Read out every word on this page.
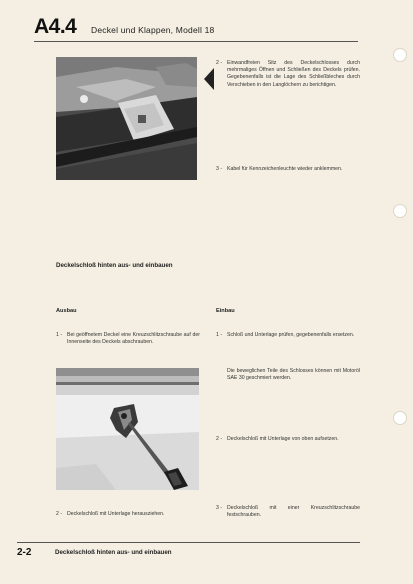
A4.4 Deckel und Klappen, Modell 18
2 - Einwandfreien Sitz des Deckelschlosses durch mehrmaliges Öffnen und Schließen des Deckels prüfen. Gegebenenfalls ist die Lage des Schließbleches durch Verschieben in den Langlöchern zu berichtigen.
3 - Kabel für Kennzeichenleuchte wieder anklemmen.
Deckelschloß hinten aus- und einbauen
Ausbau	Einbau
1 - Bei geöffnetem Deckel eine Kreuzschlitzschraube auf der Innenseite des Deckels abschrauben.
2 - Deckelschloß mit Unterlage herausziehen.
1 - Schloß und Unterlage prüfen, gegebenenfalls ersetzen.
Die beweglichen Teile des Schlosses können mit Motoröl SAE 30 geschmiert werden.
2 - Deckelschloß mit Unterlage von oben aufsetzen.
3 - Deckelschloß mit einer Kreuzschlitzschraube festschrauben.
2-2	Deckelschloß hinten aus- und einbauen
